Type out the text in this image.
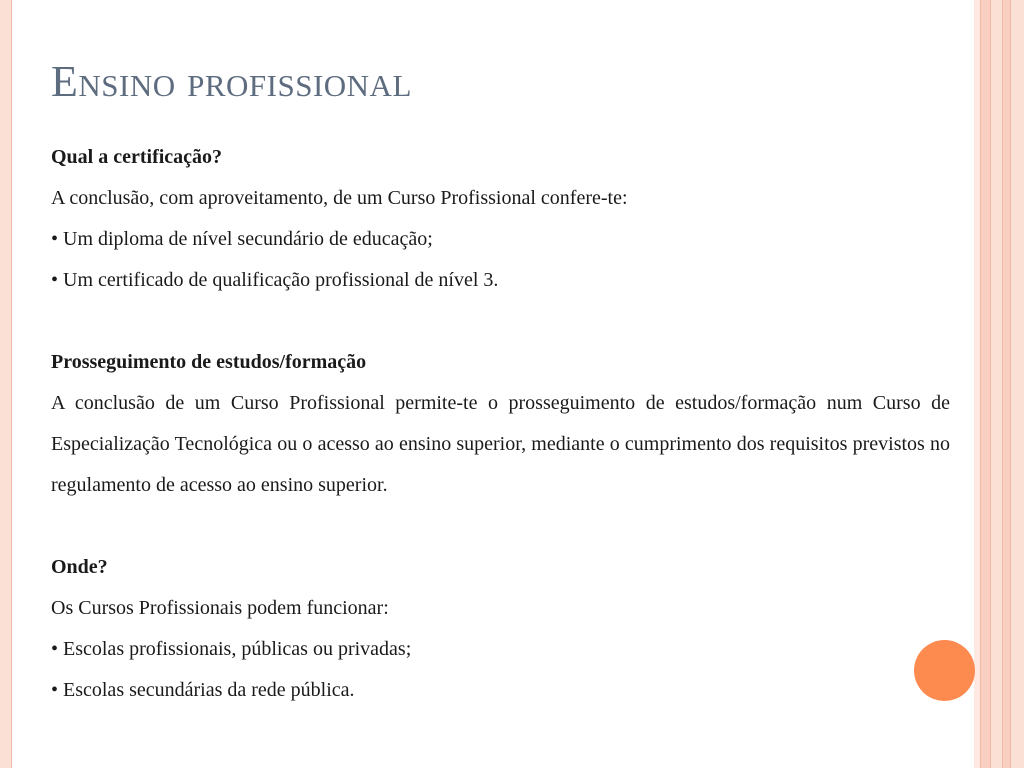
Ensino profissional

Qual a certificação?

A conclusão, com aproveitamento, de um Curso Profissional confere-te:

• Um diploma de nível secundário de educação;

• Um certificado de qualificação profissional de nível 3.

Prosseguimento de estudos/formação

A conclusão de um Curso Profissional permite-te o prosseguimento de estudos/formação num Curso de Especialização Tecnológica ou o acesso ao ensino superior, mediante o cumprimento dos requisitos previstos no regulamento de acesso ao ensino superior.

Onde?

Os Cursos Profissionais podem funcionar:

• Escolas profissionais, públicas ou privadas;

• Escolas secundárias da rede pública.
